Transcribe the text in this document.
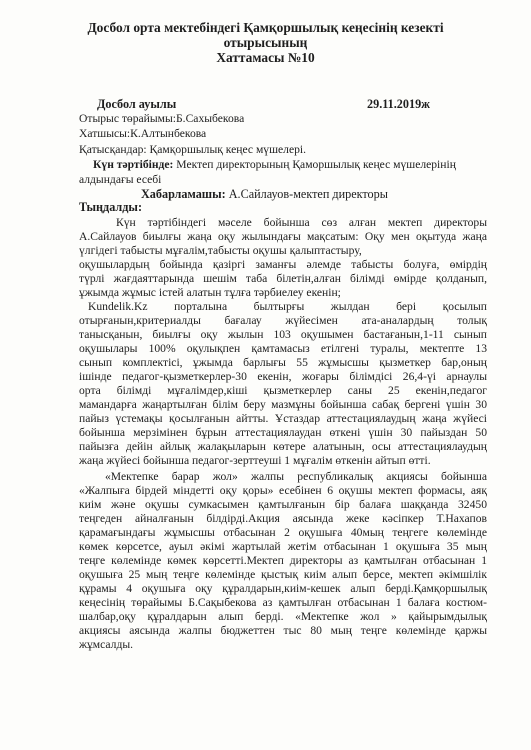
Досбол орта мектебіндегі Қамқоршылық кеңесінің кезекті
отырысының
Хаттамасы №10
Досбол ауылы	29.11.2019ж
Отырыс төрайымы:Б.Сахыбекова
Хатшысы:К.Алтынбекова
Қатысқандар: Қамқоршылық кеңес мүшелері.
Күн тәртібінде: Мектеп директорының Қаморшылық кеңес мүшелерінің
алдындағы есебі
Хабарламашы: А.Сайлауов-мектеп директоры
Тыңдалды:
Күн тәртібіндегі мәселе бойынша сөз алған мектеп директоры
А.Сайлауов биылғы жаңа оқу жылындағы мақсатым: Оқу мен оқытуда жаңа
үлгідегі табысты мұғалім,табысты оқушы қалыптастыру,
оқушылардың бойында қазіргі заманғы әлемде табысты болуға, өмірдің
түрлі жағдаяттарында шешім таба білетін,алған білімді өмірде қолданып,
ұжымда жұмыс істей алатын тұлға тәрбиелеу екенін;
Kundelik.Kz порталына былтырғы жылдан бері қосылып
отырғанын,критериалды бағалау жүйесімен ата-аналардың толық
танысқанын, биылғы оқу жылын 103 оқушымен бастағанын,1-11 сынып
оқушылары 100% оқулықпен қамтамасыз етілгені туралы, мектепте 13
сынып комплектісі, ұжымда барлығы 55 жұмысшы қызметкер бар,оның
ішінде педагог-қызметкерлер-30 екенін, жоғары білімдісі 26,4-үі арнаулы
орта білімді мұғалімдер,кіші қызметкерлер саны 25 екенін,педагог
мамандарға жаңартылған білім беру мазмұны бойынша сабақ бергені үшін 30
пайыз үстемақы қосылғанын айтты. Ұстаздар аттестациялаудың жаңа жүйесі
бойынша мерзімінен бұрын аттестациялаудан өткені үшін 30 пайыздан 50
пайызға дейін айлық жалақыларын көтере алатынын, осы аттестациялаудың
жаңа жүйесі бойынша педагог-зерттеуші 1 мұғалім өткенін айтып өтті.
«Мектепке барар жол» жалпы республикалық акциясы бойынша
«Жалпыға бірдей міндетті оқу қоры» есебінен 6 оқушы мектеп формасы, аяқ
киім және оқушы сумкасымен қамтылғанын бір балаға шаққанда 32450
теңгеден айналғанын білдірді.Акция аясында жеке кәсіпкер Т.Нахапов
қарамағындағы жұмысшы отбасынан 2 оқушыға 40мың теңгеге көлемінде
көмек көрсетсе, ауыл әкімі жартылай жетім отбасынан 1 оқушыға 35 мың
теңге көлемінде көмек көрсетті.Мектеп директоры аз қамтылған отбасынан 1
оқушыға 25 мың теңге көлемінде қыстық киім алып берсе, мектеп әкімшілік
құрамы 4 оқушыға оқу құралдарын,киім-кешек алып берді.Қамқоршылық
кеңесінің төрайымы Б.Сақыбекова аз қамтылған отбасынан 1 балаға костюм-
шалбар,оқу құралдарын алып берді. «Мектепке жол » қайырымдылық
акциясы аясында жалпы бюджеттен тыс 80 мың теңге көлемінде қаржы
жұмсалды.
